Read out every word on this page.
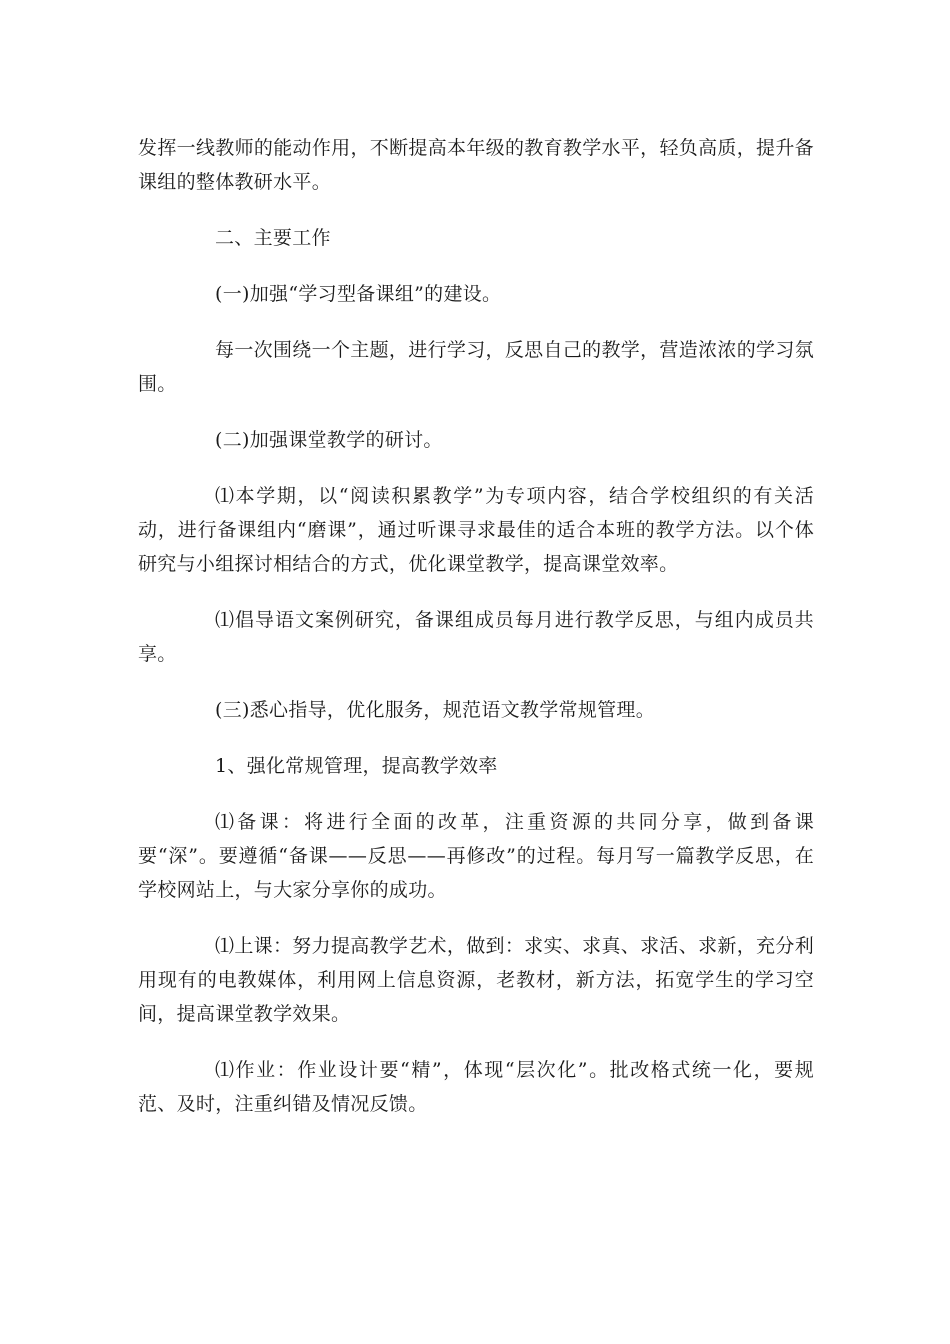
发挥一线教师的能动作用，不断提高本年级的教育教学水平，轻负高质，提升备课组的整体教研水平。

二、主要工作

(一)加强“学习型备课组”的建设。

每一次围绕一个主题，进行学习，反思自己的教学，营造浓浓的学习氛围。

(二)加强课堂教学的研讨。

⑴本学期，以“阅读积累教学”为专项内容，结合学校组织的有关活动，进行备课组内“磨课”，通过听课寻求最佳的适合本班的教学方法。以个体研究与小组探讨相结合的方式，优化课堂教学，提高课堂效率。

⑴倡导语文案例研究，备课组成员每月进行教学反思，与组内成员共享。

(三)悉心指导，优化服务，规范语文教学常规管理。

1、强化常规管理，提高教学效率

⑴备课：将进行全面的改革，注重资源的共同分享，做到备课要“深”。要遵循“备课——反思——再修改”的过程。每月写一篇教学反思，在学校网站上，与大家分享你的成功。

⑴上课：努力提高教学艺术，做到：求实、求真、求活、求新，充分利用现有的电教媒体，利用网上信息资源，老教材，新方法，拓宽学生的学习空间，提高课堂教学效果。

⑴作业：作业设计要“精”，体现“层次化”。批改格式统一化，要规范、及时，注重纠错及情况反馈。
